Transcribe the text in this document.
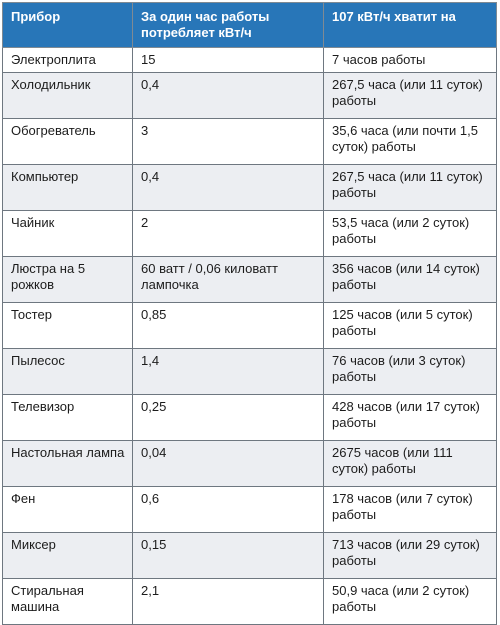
Прибор	За один час работы потребляет кВт/ч	107 кВт/ч хватит на
Электроплита	15	7 часов работы
Холодильник	0,4	267,5 часа (или 11 суток) работы
Обогреватель	3	35,6 часа (или почти 1,5 суток) работы
Компьютер	0,4	267,5 часа (или 11 суток) работы
Чайник	2	53,5 часа (или 2 суток) работы
Люстра на 5 рожков	60 ватт / 0,06 киловатт лампочка	356 часов (или 14 суток) работы
Тостер	0,85	125 часов (или 5 суток) работы
Пылесос	1,4	76 часов (или 3 суток) работы
Телевизор	0,25	428 часов (или 17 суток) работы
Настольная лампа	0,04	2675 часов (или 111 суток) работы
Фен	0,6	178 часов (или 7 суток) работы
Миксер	0,15	713 часов (или 29 суток) работы
Стиральная машина	2,1	50,9 часа (или 2 суток) работы
